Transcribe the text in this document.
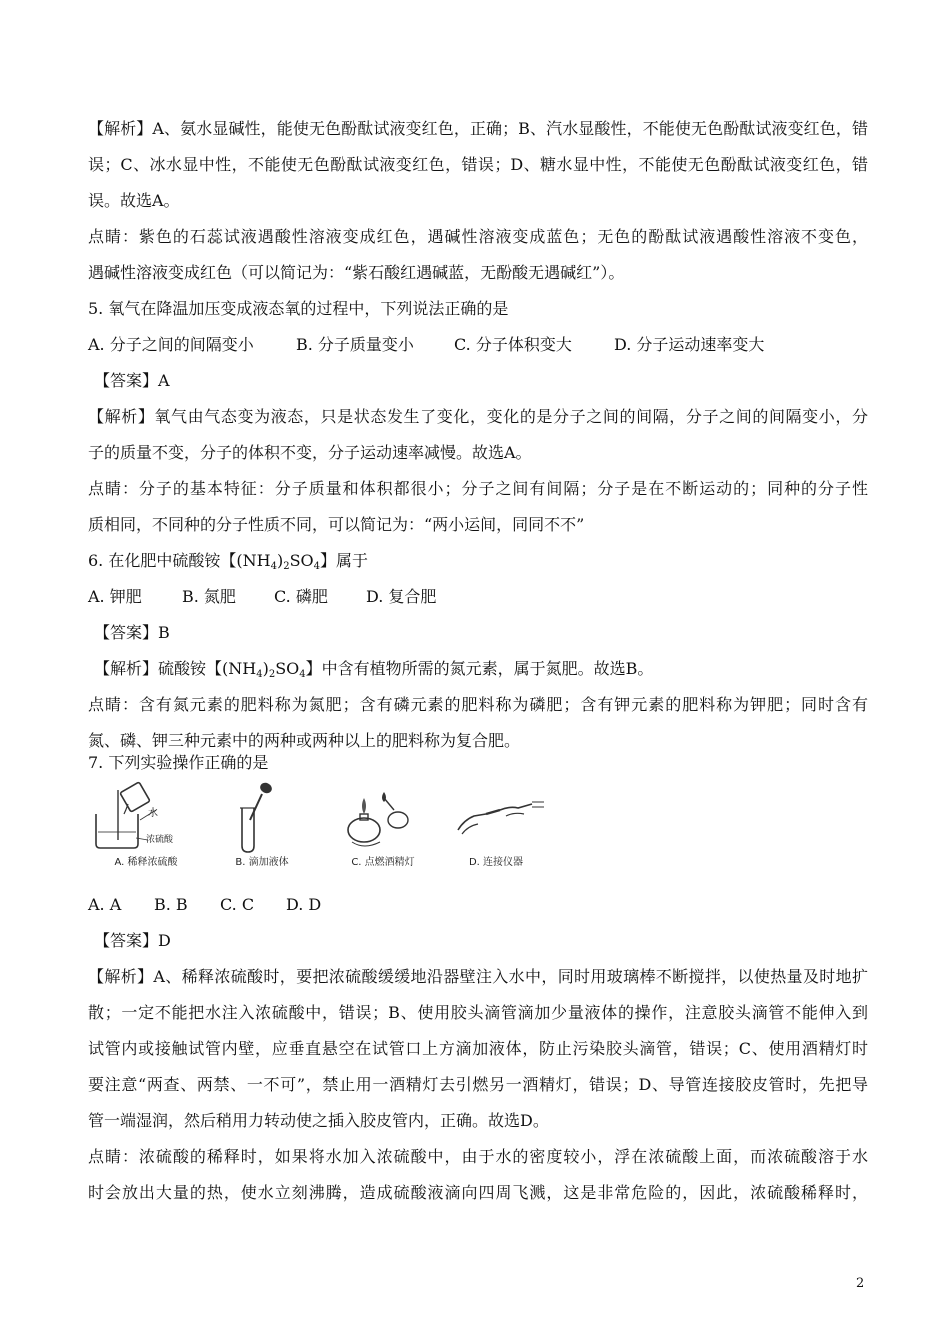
【解析】A、氨水显碱性，能使无色酚酞试液变红色，正确；B、汽水显酸性，不能使无色酚酞试液变红色，错
误；C、冰水显中性，不能使无色酚酞试液变红色，错误；D、糖水显中性，不能使无色酚酞试液变红色，错
误。故选A。
点睛：紫色的石蕊试液遇酸性溶液变成红色，遇碱性溶液变成蓝色；无色的酚酞试液遇酸性溶液不变色，
遇碱性溶液变成红色（可以简记为：“紫石酸红遇碱蓝，无酚酸无遇碱红”）。
5. 氧气在降温加压变成液态氧的过程中，下列说法正确的是
A. 分子之间的间隔变小	B. 分子质量变小	C. 分子体积变大	D. 分子运动速率变大
【答案】A
【解析】氧气由气态变为液态，只是状态发生了变化，变化的是分子之间的间隔，分子之间的间隔变小，分
子的质量不变，分子的体积不变，分子运动速率减慢。故选A。
点睛：分子的基本特征：分子质量和体积都很小；分子之间有间隔；分子是在不断运动的；同种的分子性
质相同，不同种的分子性质不同，可以简记为：“两小运间，同同不不”
6. 在化肥中硫酸铵【$(NH_4)_2SO_4$】属于
A. 钾肥	B. 氮肥 C. 磷肥 D. 复合肥
【答案】B
【解析】硫酸铵【$(NH_4)_2SO_4$】中含有植物所需的氮元素，属于氮肥。故选B。
点睛：含有氮元素的肥料称为氮肥；含有磷元素的肥料称为磷肥；含有钾元素的肥料称为钾肥；同时含有
氮、磷、钾三种元素中的两种或两种以上的肥料称为复合肥。
7. 下列实验操作正确的是
水
浓硫酸
A. 稀释浓硫酸	B. 滴加液体	C. 点燃酒精灯	D. 连接仪器
A. A B. B C. C D. D
【答案】D
【解析】A、稀释浓硫酸时，要把浓硫酸缓缓地沿器壁注入水中，同时用玻璃棒不断搅拌，以使热量及时地扩
散；一定不能把水注入浓硫酸中，错误；B、使用胶头滴管滴加少量液体的操作，注意胶头滴管不能伸入到
试管内或接触试管内壁，应垂直悬空在试管口上方滴加液体，防止污染胶头滴管，错误；C、使用酒精灯时
要注意“两查、两禁、一不可”，禁止用一酒精灯去引燃另一酒精灯，错误；D、导管连接胶皮管时，先把导
管一端湿润，然后稍用力转动使之插入胶皮管内，正确。故选D。
点睛：浓硫酸的稀释时，如果将水加入浓硫酸中，由于水的密度较小，浮在浓硫酸上面，而浓硫酸溶于水
时会放出大量的热，使水立刻沸腾，造成硫酸液滴向四周飞溅，这是非常危险的，因此，浓硫酸稀释时，
2
